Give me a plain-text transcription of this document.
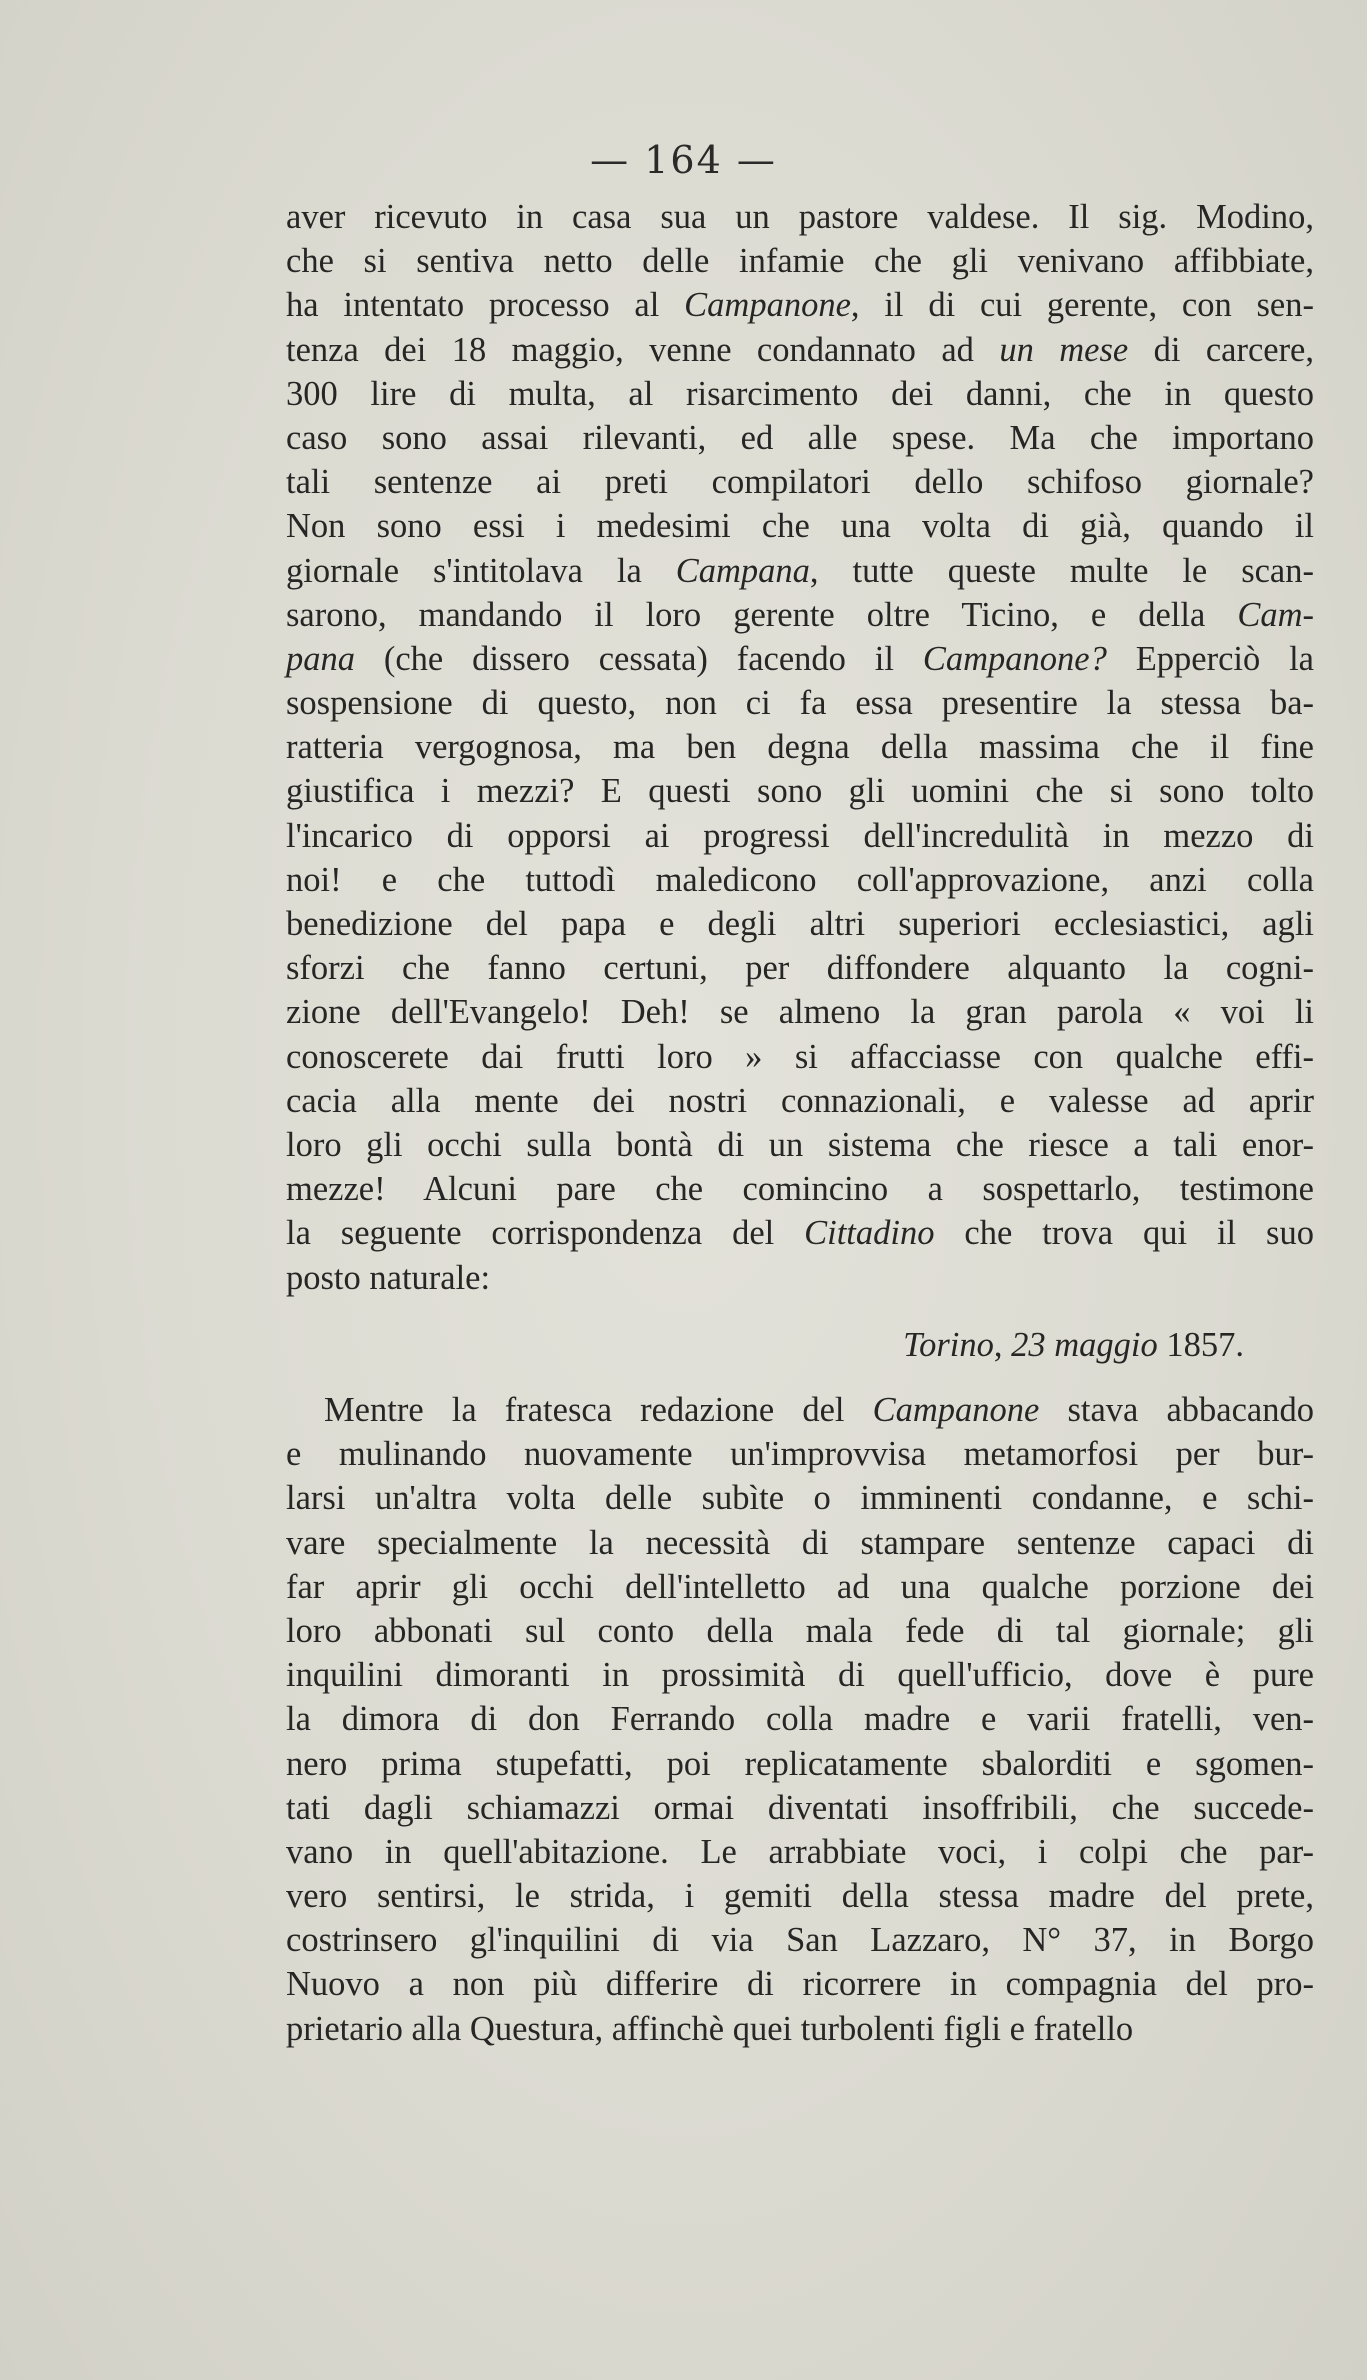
— 164 —
aver ricevuto in casa sua un pastore valdese. Il sig. Modino,
che si sentiva netto delle infamie che gli venivano affibbiate,
ha intentato processo al Campanone, il di cui gerente, con sen-
tenza dei 18 maggio, venne condannato ad un mese di carcere,
300 lire di multa, al risarcimento dei danni, che in questo
caso sono assai rilevanti, ed alle spese. Ma che importano
tali sentenze ai preti compilatori dello schifoso giornale?
Non sono essi i medesimi che una volta di già, quando il
giornale s'intitolava la Campana, tutte queste multe le scan-
sarono, mandando il loro gerente oltre Ticino, e della Cam-
pana (che dissero cessata) facendo il Campanone? Epperciò la
sospensione di questo, non ci fa essa presentire la stessa ba-
ratteria vergognosa, ma ben degna della massima che il fine
giustifica i mezzi? E questi sono gli uomini che si sono tolto
l'incarico di opporsi ai progressi dell'incredulità in mezzo di
noi! e che tuttodì maledicono coll'approvazione, anzi colla
benedizione del papa e degli altri superiori ecclesiastici, agli
sforzi che fanno certuni, per diffondere alquanto la cogni-
zione dell'Evangelo! Deh! se almeno la gran parola « voi li
conoscerete dai frutti loro » si affacciasse con qualche effi-
cacia alla mente dei nostri connazionali, e valesse ad aprir
loro gli occhi sulla bontà di un sistema che riesce a tali enor-
mezze! Alcuni pare che comincino a sospettarlo, testimone
la seguente corrispondenza del Cittadino che trova qui il suo
posto naturale:
Torino, 23 maggio 1857.
Mentre la fratesca redazione del Campanone stava abbacando
e mulinando nuovamente un'improvvisa metamorfosi per bur-
larsi un'altra volta delle subìte o imminenti condanne, e schi-
vare specialmente la necessità di stampare sentenze capaci di
far aprir gli occhi dell'intelletto ad una qualche porzione dei
loro abbonati sul conto della mala fede di tal giornale; gli
inquilini dimoranti in prossimità di quell'ufficio, dove è pure
la dimora di don Ferrando colla madre e varii fratelli, ven-
nero prima stupefatti, poi replicatamente sbalorditi e sgomen-
tati dagli schiamazzi ormai diventati insoffribili, che succede-
vano in quell'abitazione. Le arrabbiate voci, i colpi che par-
vero sentirsi, le strida, i gemiti della stessa madre del prete,
costrinsero gl'inquilini di via San Lazzaro, N° 37, in Borgo
Nuovo a non più differire di ricorrere in compagnia del pro-
prietario alla Questura, affinchè quei turbolenti figli e fratello
